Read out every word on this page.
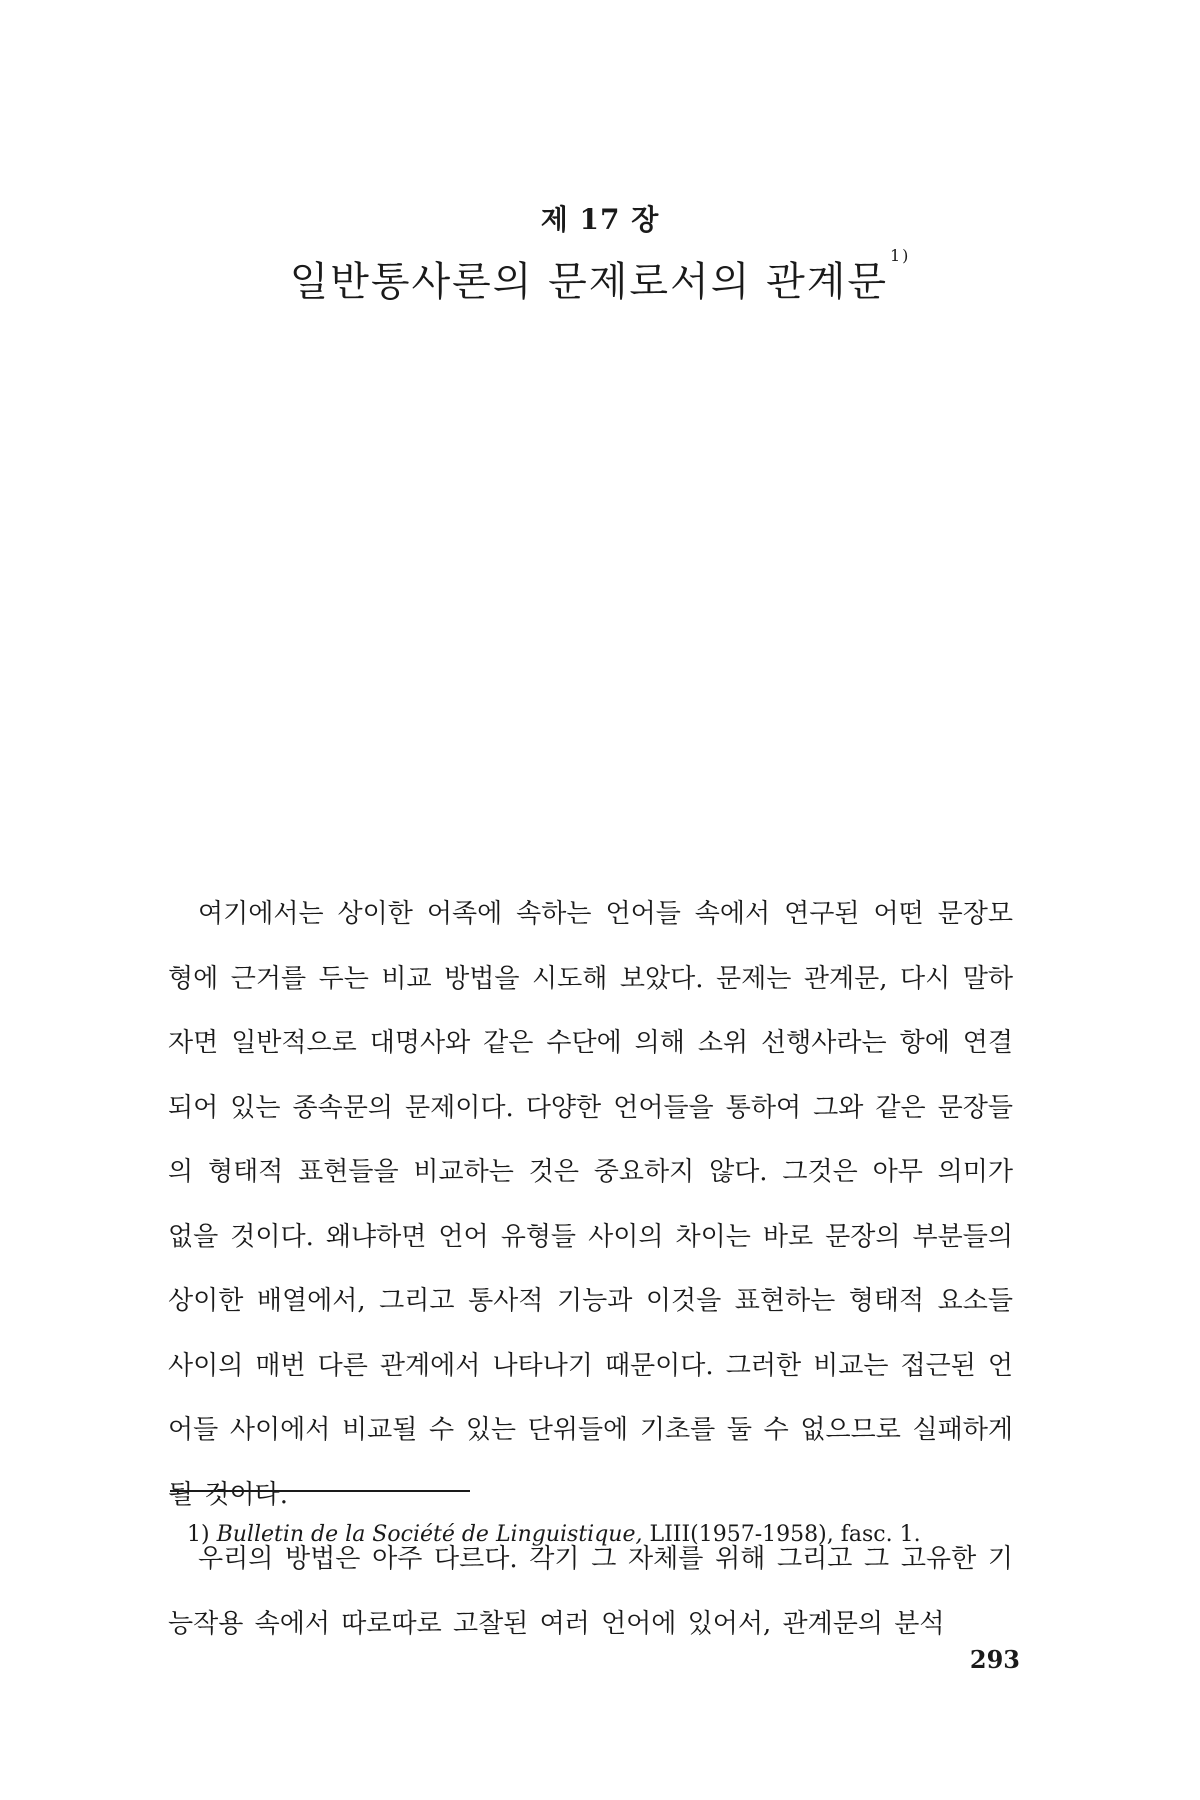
제 17 장
일반통사론의 문제로서의 관계문$^{1)}$

여기에서는 상이한 어족에 속하는 언어들 속에서 연구된 어떤 문장모형에 근거를 두는 비교 방법을 시도해 보았다. 문제는 관계문, 다시 말하자면 일반적으로 대명사와 같은 수단에 의해 소위 선행사라는 항에 연결되어 있는 종속문의 문제이다. 다양한 언어들을 통하여 그와 같은 문장들의 형태적 표현들을 비교하는 것은 중요하지 않다. 그것은 아무 의미가 없을 것이다. 왜냐하면 언어 유형들 사이의 차이는 바로 문장의 부분들의 상이한 배열에서, 그리고 통사적 기능과 이것을 표현하는 형태적 요소들 사이의 매번 다른 관계에서 나타나기 때문이다. 그러한 비교는 접근된 언어들 사이에서 비교될 수 있는 단위들에 기초를 둘 수 없으므로 실패하게 될 것이다.

우리의 방법은 아주 다르다. 각기 그 자체를 위해 그리고 그 고유한 기능작용 속에서 따로따로 고찰된 여러 언어에 있어서, 관계문의 분석

1) Bulletin de la Société de Linguistique, LIII(1957-1958), fasc. 1.
293
